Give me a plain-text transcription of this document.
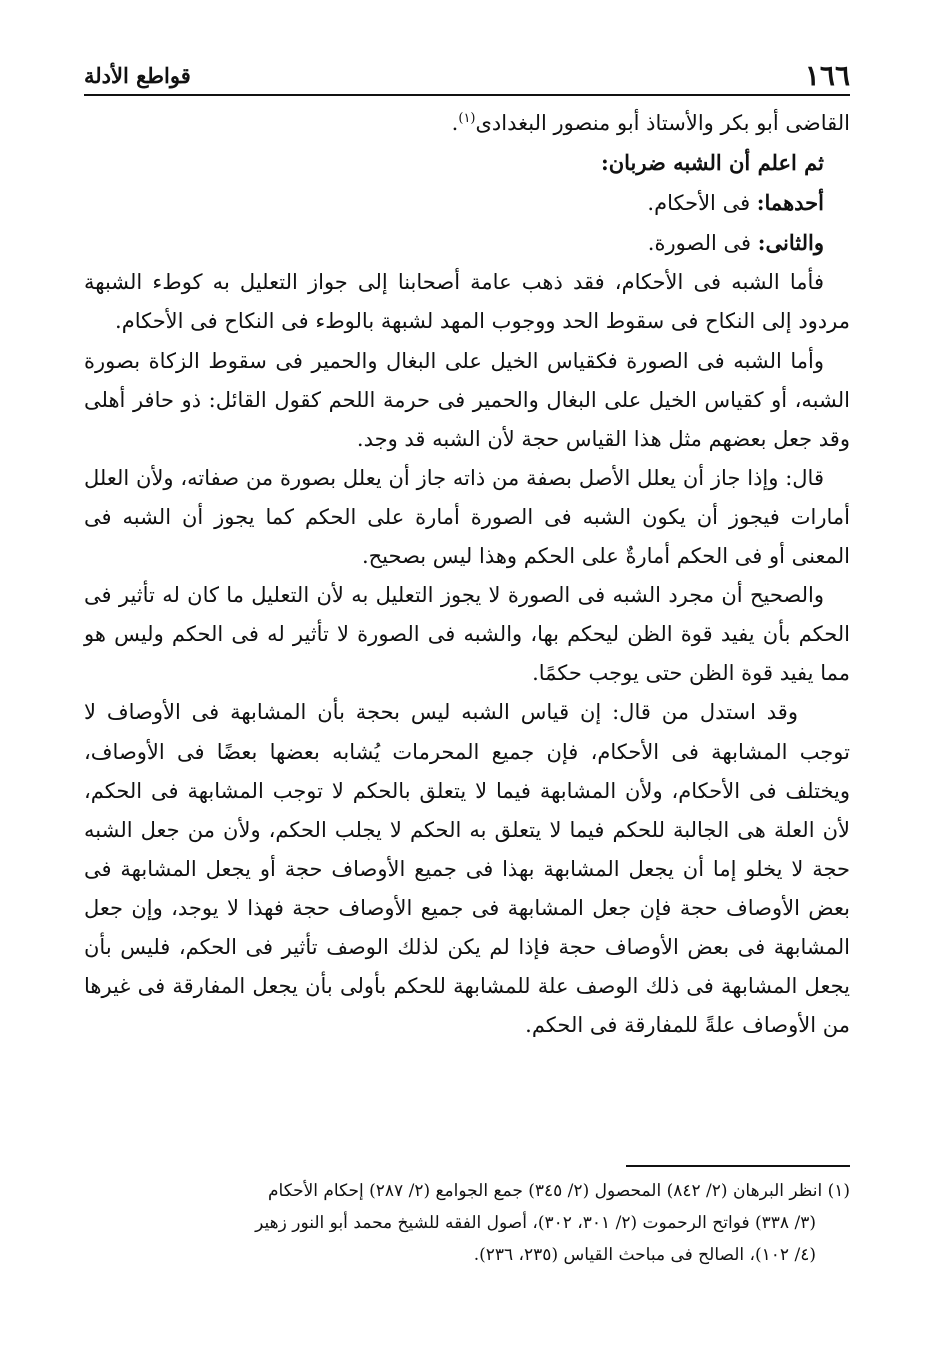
١٦٦
قواطع الأدلة

القاضى أبو بكر والأستاذ أبو منصور البغدادى$^{(١)}$.

ثم اعلم أن الشبه ضربان:

أحدهما: فى الأحكام.

والثانى: فى الصورة.

فأما الشبه فى الأحكام، فقد ذهب عامة أصحابنا إلى جواز التعليل به كوطء الشبهة مردود إلى النكاح فى سقوط الحد ووجوب المهد لشبهة بالوطء فى النكاح فى الأحكام.

وأما الشبه فى الصورة فكقياس الخيل على البغال والحمير فى سقوط الزكاة بصورة الشبه، أو كقياس الخيل على البغال والحمير فى حرمة اللحم كقول القائل: ذو حافر أهلى وقد جعل بعضهم مثل هذا القياس حجة لأن الشبه قد وجد.

قال: وإذا جاز أن يعلل الأصل بصفة من ذاته جاز أن يعلل بصورة من صفاته، ولأن العلل أمارات فيجوز أن يكون الشبه فى الصورة أمارة على الحكم كما يجوز أن الشبه فى المعنى أو فى الحكم أمارةٌ على الحكم وهذا ليس بصحيح.

والصحيح أن مجرد الشبه فى الصورة لا يجوز التعليل به لأن التعليل ما كان له تأثير فى الحكم بأن يفيد قوة الظن ليحكم بها، والشبه فى الصورة لا تأثير له فى الحكم وليس هو مما يفيد قوة الظن حتى يوجب حكمًا.

وقد استدل من قال: إن قياس الشبه ليس بحجة بأن المشابهة فى الأوصاف لا توجب المشابهة فى الأحكام، فإن جميع المحرمات يُشابه بعضها بعضًا فى الأوصاف، ويختلف فى الأحكام، ولأن المشابهة فيما لا يتعلق بالحكم لا توجب المشابهة فى الحكم، لأن العلة هى الجالبة للحكم فيما لا يتعلق به الحكم لا يجلب الحكم، ولأن من جعل الشبه حجة لا يخلو إما أن يجعل المشابهة بهذا فى جميع الأوصاف حجة أو يجعل المشابهة فى بعض الأوصاف حجة فإن جعل المشابهة فى جميع الأوصاف حجة فهذا لا يوجد، وإن جعل المشابهة فى بعض الأوصاف حجة فإذا لم يكن لذلك الوصف تأثير فى الحكم، فليس بأن يجعل المشابهة فى ذلك الوصف علة للمشابهة للحكم بأولى بأن يجعل المفارقة فى غيرها من الأوصاف علةً للمفارقة فى الحكم.

(١) انظر البرهان (٢/ ٨٤٢) المحصول (٢/ ٣٤٥) جمع الجوامع (٢/ ٢٨٧) إحكام الأحكام

(٣/ ٣٣٨) فواتح الرحموت (٢/ ٣٠١، ٣٠٢)، أصول الفقه للشيخ محمد أبو النور زهير

(٤/ ١٠٢)، الصالح فى مباحث القياس (٢٣٥، ٢٣٦).
